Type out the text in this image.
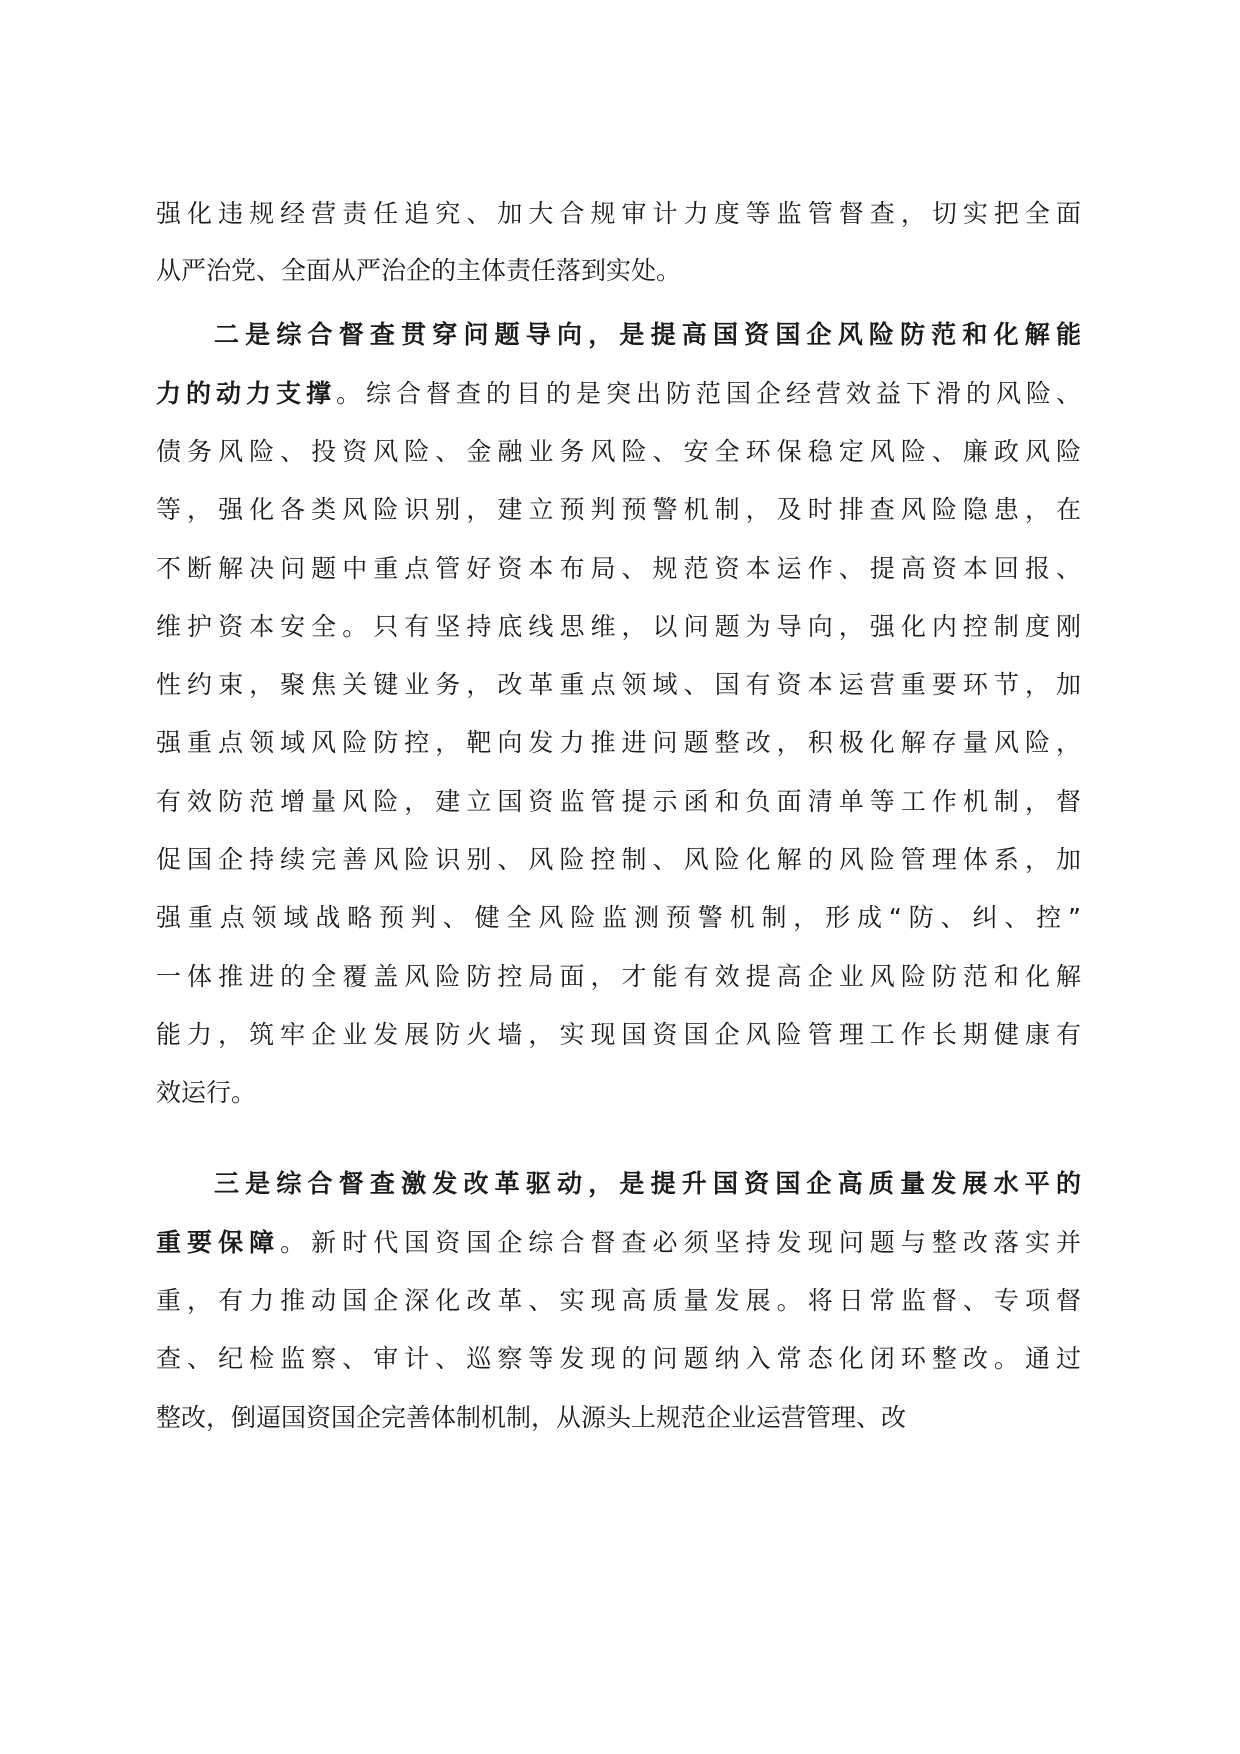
强化违规经营责任追究、加大合规审计力度等监管督查，切实把全面
从严治党、全面从严治企的主体责任落到实处。
二是综合督查贯穿问题导向，是提高国资国企风险防范和化解能
力的动力支撑。综合督查的目的是突出防范国企经营效益下滑的风险、
债务风险、投资风险、金融业务风险、安全环保稳定风险、廉政风险
等，强化各类风险识别，建立预判预警机制，及时排查风险隐患，在
不断解决问题中重点管好资本布局、规范资本运作、提高资本回报、
维护资本安全。只有坚持底线思维，以问题为导向，强化内控制度刚
性约束，聚焦关键业务，改革重点领域、国有资本运营重要环节，加
强重点领域风险防控，靶向发力推进问题整改，积极化解存量风险，
有效防范增量风险，建立国资监管提示函和负面清单等工作机制，督
促国企持续完善风险识别、风险控制、风险化解的风险管理体系，加
强重点领域战略预判、健全风险监测预警机制，形成“防、纠、控”
一体推进的全覆盖风险防控局面，才能有效提高企业风险防范和化解
能力，筑牢企业发展防火墙，实现国资国企风险管理工作长期健康有
效运行。
三是综合督查激发改革驱动，是提升国资国企高质量发展水平的
重要保障。新时代国资国企综合督查必须坚持发现问题与整改落实并
重，有力推动国企深化改革、实现高质量发展。将日常监督、专项督
查、纪检监察、审计、巡察等发现的问题纳入常态化闭环整改。通过
整改，倒逼国资国企完善体制机制，从源头上规范企业运营管理、改
